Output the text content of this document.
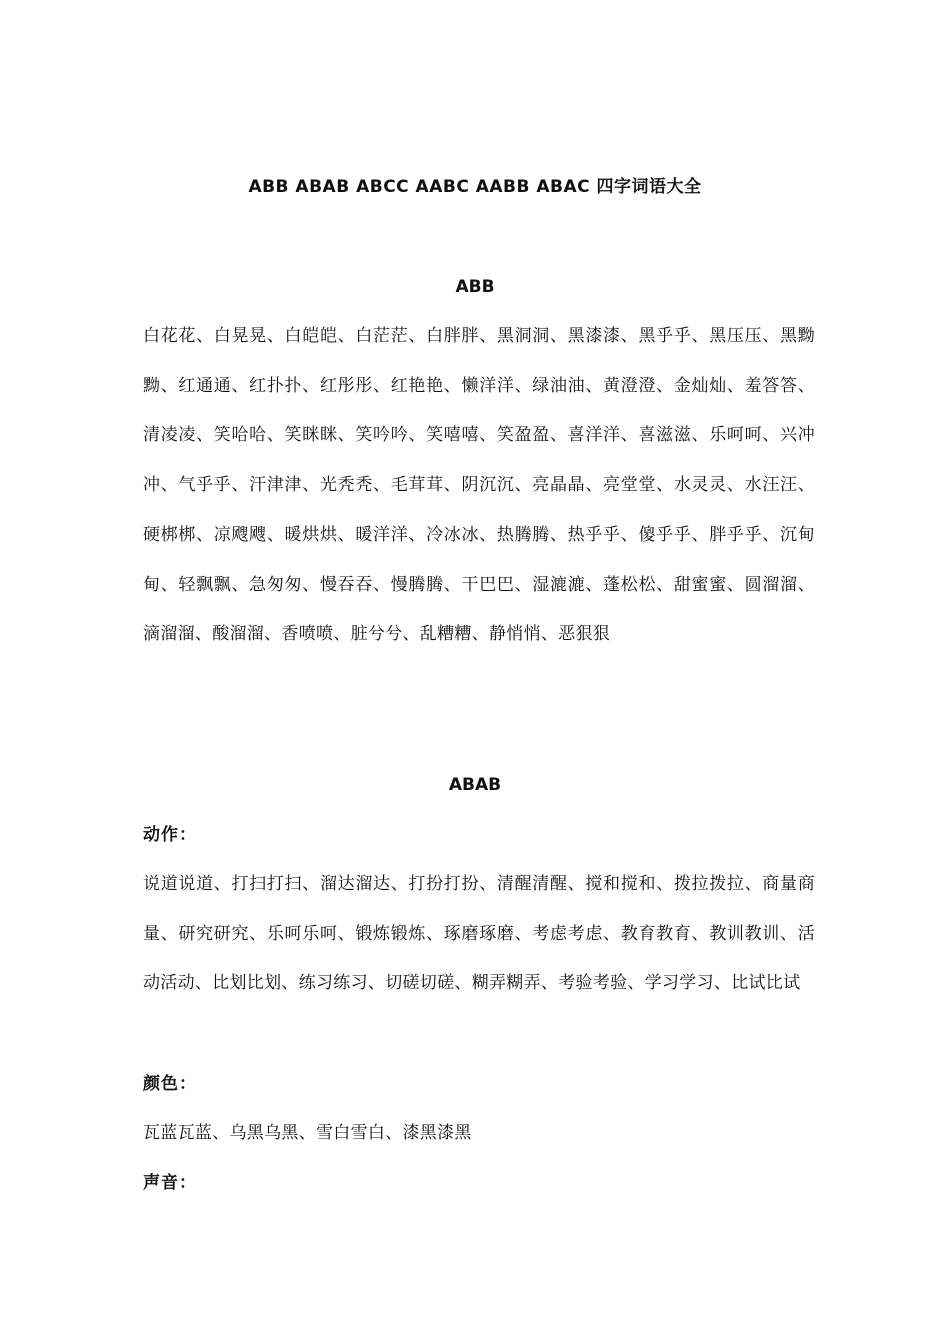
ABB ABAB ABCC AABC AABB ABAC 四字词语大全
ABB
白花花、白晃晃、白皑皑、白茫茫、白胖胖、黑洞洞、黑漆漆、黑乎乎、黑压压、黑黝黝、红通通、红扑扑、红彤彤、红艳艳、懒洋洋、绿油油、黄澄澄、金灿灿、羞答答、清凌凌、笑哈哈、笑眯眯、笑吟吟、笑嘻嘻、笑盈盈、喜洋洋、喜滋滋、乐呵呵、兴冲冲、气乎乎、汗津津、光秃秃、毛茸茸、阴沉沉、亮晶晶、亮堂堂、水灵灵、水汪汪、硬梆梆、凉飕飕、暖烘烘、暖洋洋、冷冰冰、热腾腾、热乎乎、傻乎乎、胖乎乎、沉甸甸、轻飘飘、急匆匆、慢吞吞、慢腾腾、干巴巴、湿漉漉、蓬松松、甜蜜蜜、圆溜溜、滴溜溜、酸溜溜、香喷喷、脏兮兮、乱糟糟、静悄悄、恶狠狠
ABAB
动作：
说道说道、打扫打扫、溜达溜达、打扮打扮、清醒清醒、搅和搅和、拨拉拨拉、商量商量、研究研究、乐呵乐呵、锻炼锻炼、琢磨琢磨、考虑考虑、教育教育、教训教训、活动活动、比划比划、练习练习、切磋切磋、糊弄糊弄、考验考验、学习学习、比试比试
颜色：
瓦蓝瓦蓝、乌黑乌黑、雪白雪白、漆黑漆黑
声音：
